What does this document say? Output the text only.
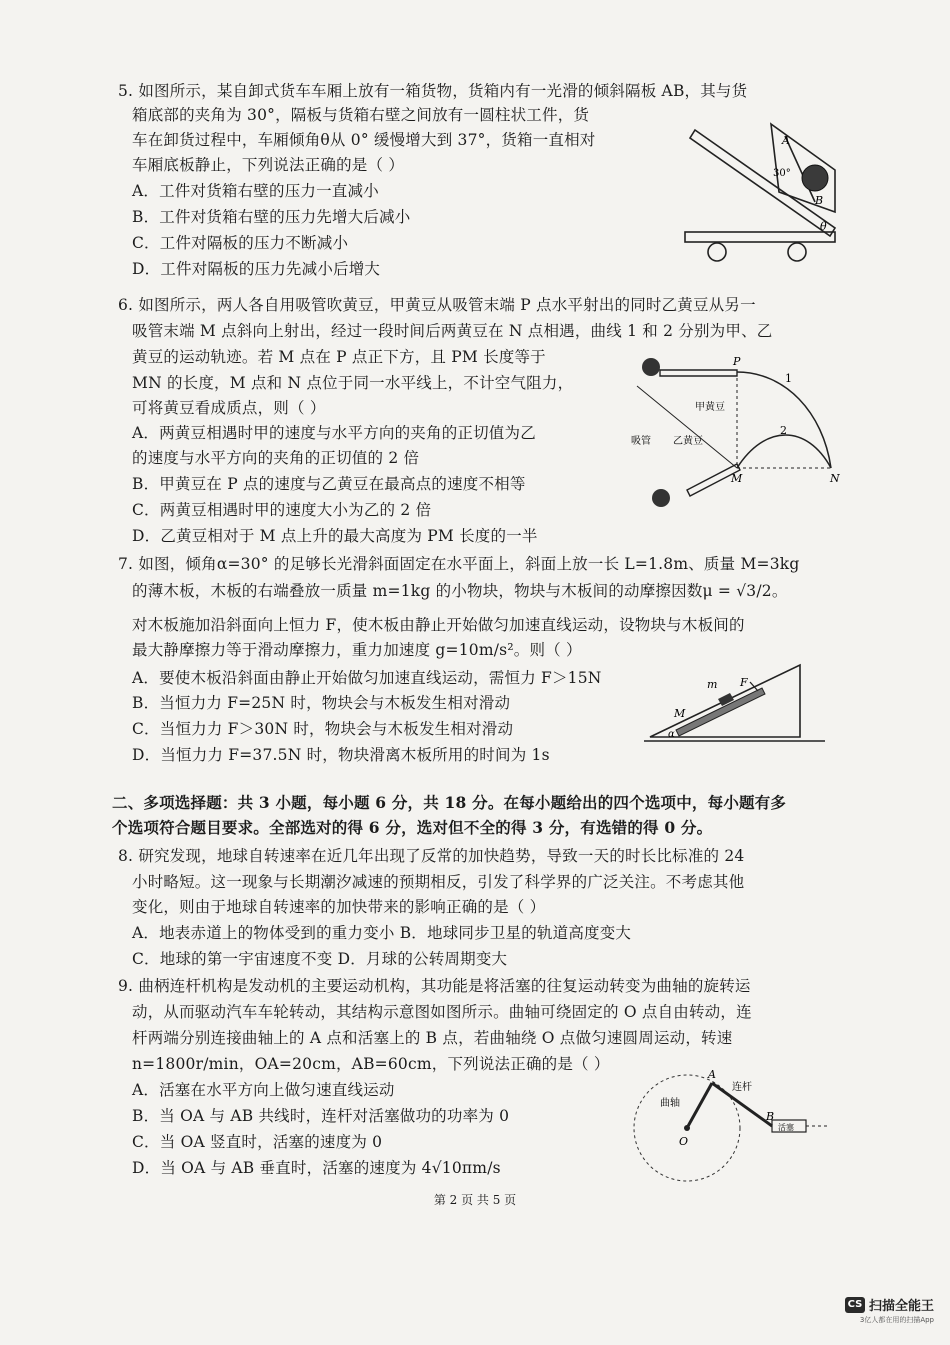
5. 如图所示，某自卸式货车车厢上放有一箱货物，货箱内有一光滑的倾斜隔板 AB，其与货
箱底部的夹角为 30°，隔板与货箱右壁之间放有一圆柱状工件，货
车在卸货过程中，车厢倾角θ从 0° 缓慢增大到 37°，货箱一直相对
车厢底板静止，下列说法正确的是（ ）
A．工件对货箱右壁的压力一直减小
B．工件对货箱右壁的压力先增大后减小
C．工件对隔板的压力不断减小
D．工件对隔板的压力先减小后增大
6. 如图所示，两人各自用吸管吹黄豆，甲黄豆从吸管末端 P 点水平射出的同时乙黄豆从另一
吸管末端 M 点斜向上射出，经过一段时间后两黄豆在 N 点相遇，曲线 1 和 2 分别为甲、乙
黄豆的运动轨迹。若 M 点在 P 点正下方，且 PM 长度等于
MN 的长度，M 点和 N 点位于同一水平线上，不计空气阻力，
可将黄豆看成质点，则（ ）
A．两黄豆相遇时甲的速度与水平方向的夹角的正切值为乙
的速度与水平方向的夹角的正切值的 2 倍
B．甲黄豆在 P 点的速度与乙黄豆在最高点的速度不相等
C．两黄豆相遇时甲的速度大小为乙的 2 倍
D．乙黄豆相对于 M 点上升的最大高度为 PM 长度的一半
7. 如图，倾角α=30° 的足够长光滑斜面固定在水平面上，斜面上放一长 L=1.8m、质量 M=3kg
的薄木板，木板的右端叠放一质量 m=1kg 的小物块，物块与木板间的动摩擦因数μ = √3/2。
对木板施加沿斜面向上恒力 F，使木板由静止开始做匀加速直线运动，设物块与木板间的
最大静摩擦力等于滑动摩擦力，重力加速度 g=10m/s²。则（ ）
A．要使木板沿斜面由静止开始做匀加速直线运动，需恒力 F＞15N
B．当恒力力 F=25N 时，物块会与木板发生相对滑动
C．当恒力力 F＞30N 时，物块会与木板发生相对滑动
D．当恒力力 F=37.5N 时，物块滑离木板所用的时间为 1s
二、多项选择题：共 3 小题，每小题 6 分，共 18 分。在每小题给出的四个选项中，每小题有多
个选项符合题目要求。全部选对的得 6 分，选对但不全的得 3 分，有选错的得 0 分。
8. 研究发现，地球自转速率在近几年出现了反常的加快趋势，导致一天的时长比标准的 24
小时略短。这一现象与长期潮汐减速的预期相反，引发了科学界的广泛关注。不考虑其他
变化，则由于地球自转速率的加快带来的影响正确的是（ ）
A．地表赤道上的物体受到的重力变小 B．地球同步卫星的轨道高度变大
C．地球的第一宇宙速度不变 D．月球的公转周期变大
9. 曲柄连杆机构是发动机的主要运动机构，其功能是将活塞的往复运动转变为曲轴的旋转运
动，从而驱动汽车车轮转动，其结构示意图如图所示。曲轴可绕固定的 O 点自由转动，连
杆两端分别连接曲轴上的 A 点和活塞上的 B 点，若曲轴绕 O 点做匀速圆周运动，转速
n=1800r/min，OA=20cm，AB=60cm，下列说法正确的是（ ）
A．活塞在水平方向上做匀速直线运动
B．当 OA 与 AB 共线时，连杆对活塞做功的功率为 0
C．当 OA 竖直时，活塞的速度为 0
D．当 OA 与 AB 垂直时，活塞的速度为 4√10πm/s
A
B
30°
θ
P
M	N
1
2
甲黄豆
乙黄豆
吸管
m F
M
α
A
B
O
曲轴
连杆
活塞
第 2 页 共 5 页
CS 扫描全能王
3亿人都在用的扫描App
